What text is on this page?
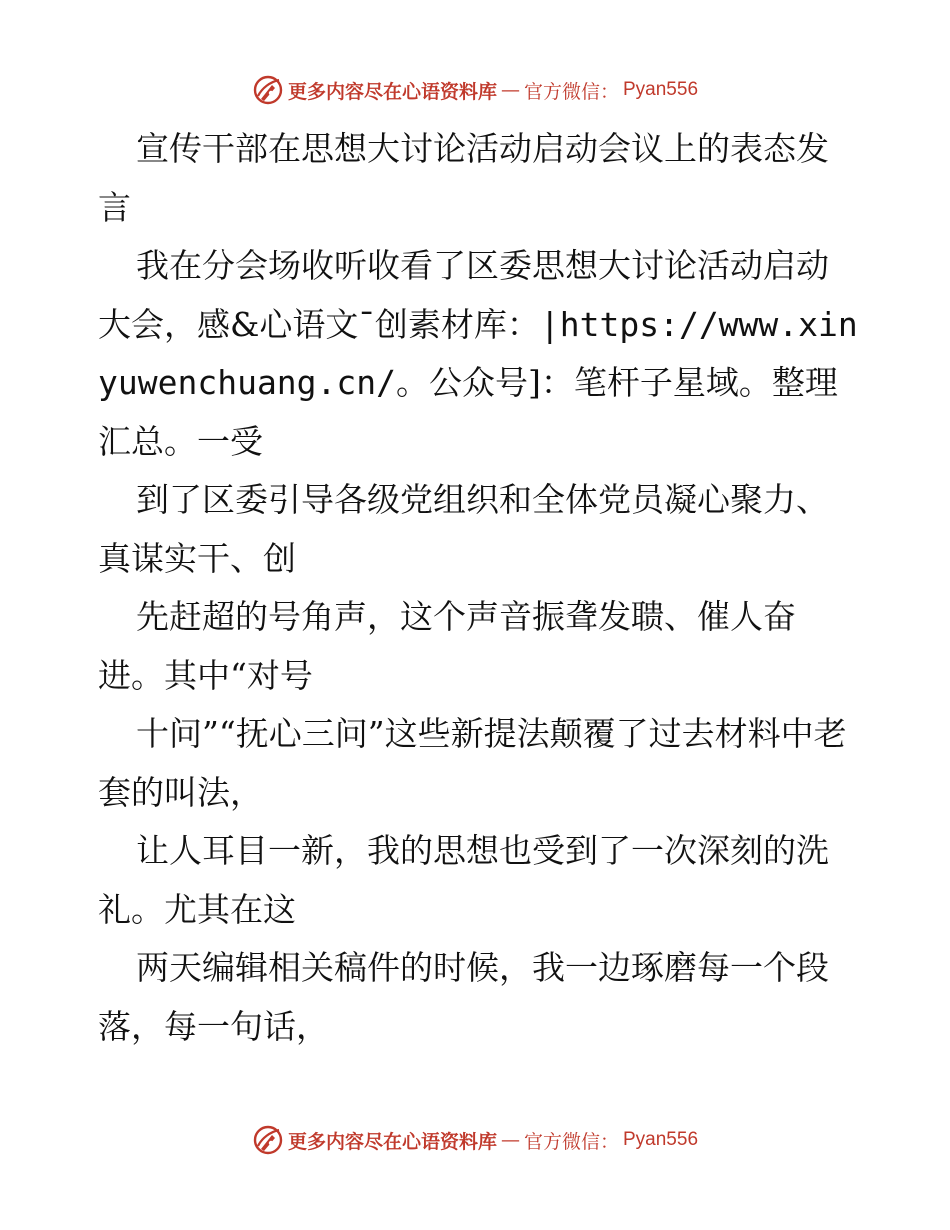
更多内容尽在心语资料库 — 官方微信： Pyan556

宣传干部在思想大讨论活动启动会议上的表态发言

我在分会场收听收看了区委思想大讨论活动启动大会，感&心语文¯创素材库：|https://www.xinyuwenchuang.cn/。公众号]：笔杆子星域。整理汇总。一受

到了区委引导各级党组织和全体党员凝心聚力、真谋实干、创

先赶超的号角声，这个声音振聋发聩、催人奋进。其中“对号

十问”“抚心三问”这些新提法颠覆了过去材料中老套的叫法，

让人耳目一新，我的思想也受到了一次深刻的洗礼。尤其在这

两天编辑相关稿件的时候，我一边琢磨每一个段落，每一句话，

更多内容尽在心语资料库 — 官方微信： Pyan556
